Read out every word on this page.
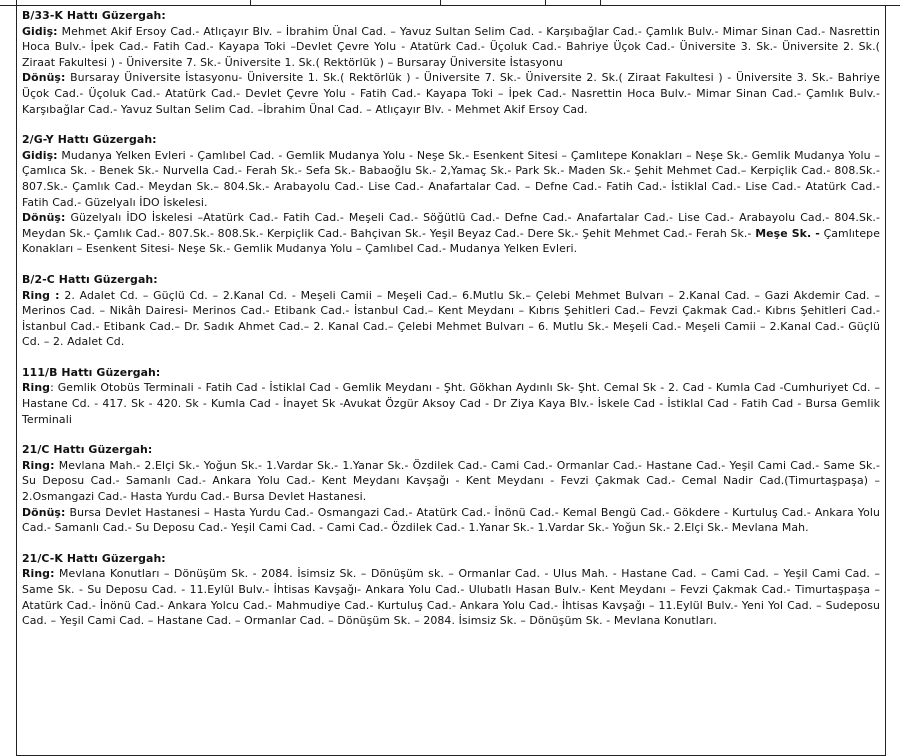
B/33-K Hattı Güzergah:
Gidiş: Mehmet Akif Ersoy Cad.- Atlıçayır Blv. – İbrahim Ünal Cad. – Yavuz Sultan Selim Cad. - Karşıbağlar Cad.- Çamlık Bulv.- Mimar Sinan Cad.- Nasrettin Hoca Bulv.- İpek Cad.- Fatih Cad.- Kayapa Toki –Devlet Çevre Yolu - Atatürk Cad.- Üçoluk Cad.- Bahriye Üçok Cad.- Üniversite 3. Sk.- Üniversite 2. Sk.( Ziraat Fakultesi ) - Üniversite 7. Sk.- Üniversite 1. Sk.( Rektörlük ) – Bursaray Üniversite İstasyonu
Dönüş: Bursaray Üniversite İstasyonu- Üniversite 1. Sk.( Rektörlük ) - Üniversite 7. Sk.- Üniversite 2. Sk.( Ziraat Fakultesi ) - Üniversite 3. Sk.- Bahriye Üçok Cad.- Üçoluk Cad.- Atatürk Cad.- Devlet Çevre Yolu - Fatih Cad.- Kayapa Toki – İpek Cad.- Nasrettin Hoca Bulv.- Mimar Sinan Cad.- Çamlık Bulv.- Karşıbağlar Cad.- Yavuz Sultan Selim Cad. –İbrahim Ünal Cad. – Atlıçayır Blv. - Mehmet Akif Ersoy Cad.
2/G-Y Hattı Güzergah:
Gidiş: Mudanya Yelken Evleri - Çamlıbel Cad. - Gemlik Mudanya Yolu - Neşe Sk.- Esenkent Sitesi – Çamlıtepe Konakları – Neşe Sk.- Gemlik Mudanya Yolu – Çamlıca Sk. - Benek Sk.- Nurvella Cad.- Ferah Sk.- Sefa Sk.- Babaoğlu Sk.- 2,Yamaç Sk.- Park Sk.- Maden Sk.- Şehit Mehmet Cad.– Kerpiçlik Cad.- 808.Sk.- 807.Sk.- Çamlık Cad.- Meydan Sk.– 804.Sk.- Arabayolu Cad.- Lise Cad.- Anafartalar Cad. – Defne Cad.- Fatih Cad.- İstiklal Cad.- Lise Cad.- Atatürk Cad.- Fatih Cad.- Güzelyalı İDO İskelesi.
Dönüş: Güzelyalı İDO İskelesi –Atatürk Cad.- Fatih Cad.- Meşeli Cad.- Söğütlü Cad.- Defne Cad.- Anafartalar Cad.- Lise Cad.- Arabayolu Cad.- 804.Sk.- Meydan Sk.- Çamlık Cad.- 807.Sk.- 808.Sk.- Kerpiçlik Cad.- Bahçivan Sk.- Yeşil Beyaz Cad.- Dere Sk.- Şehit Mehmet Cad.- Ferah Sk.- Meşe Sk. - Çamlıtepe Konakları – Esenkent Sitesi- Neşe Sk.- Gemlik Mudanya Yolu – Çamlıbel Cad.- Mudanya Yelken Evleri.
B/2-C Hattı Güzergah:
Ring : 2. Adalet Cd. – Güçlü Cd. – 2.Kanal Cd. - Meşeli Camii – Meşeli Cad.– 6.Mutlu Sk.– Çelebi Mehmet Bulvarı – 2.Kanal Cad. – Gazi Akdemir Cad. – Merinos Cad. – Nikâh Dairesi- Merinos Cad.- Etibank Cad.- İstanbul Cad.– Kent Meydanı – Kıbrıs Şehitleri Cad.– Fevzi Çakmak Cad.- Kıbrıs Şehitleri Cad.- İstanbul Cad.- Etibank Cad.– Dr. Sadık Ahmet Cad.– 2. Kanal Cad.– Çelebi Mehmet Bulvarı – 6. Mutlu Sk.- Meşeli Cad.- Meşeli Camii – 2.Kanal Cad.- Güçlü Cd. – 2. Adalet Cd.
111/B Hattı Güzergah:
Ring: Gemlik Otobüs Terminali - Fatih Cad - İstiklal Cad - Gemlik Meydanı - Şht. Gökhan Aydınlı Sk- Şht. Cemal Sk - 2. Cad - Kumla Cad -Cumhuriyet Cd. – Hastane Cd. - 417. Sk - 420. Sk - Kumla Cad - İnayet Sk -Avukat Özgür Aksoy Cad - Dr Ziya Kaya Blv.- İskele Cad - İstiklal Cad - Fatih Cad - Bursa Gemlik Terminali
21/C Hattı Güzergah:
Ring: Mevlana Mah.- 2.Elçi Sk.- Yoğun Sk.- 1.Vardar Sk.- 1.Yanar Sk.- Özdilek Cad.- Cami Cad.- Ormanlar Cad.- Hastane Cad.- Yeşil Cami Cad.- Same Sk.- Su Deposu Cad.- Samanlı Cad.- Ankara Yolu Cad.- Kent Meydanı Kavşağı - Kent Meydanı - Fevzi Çakmak Cad.- Cemal Nadir Cad.(Timurtaşpaşa) – 2.Osmangazi Cad.- Hasta Yurdu Cad.- Bursa Devlet Hastanesi.
Dönüş: Bursa Devlet Hastanesi – Hasta Yurdu Cad.- Osmangazi Cad.- Atatürk Cad.- İnönü Cad.- Kemal Bengü Cad.- Gökdere - Kurtuluş Cad.- Ankara Yolu Cad.- Samanlı Cad.- Su Deposu Cad.- Yeşil Cami Cad. - Cami Cad.- Özdilek Cad.- 1.Yanar Sk.- 1.Vardar Sk.- Yoğun Sk.- 2.Elçi Sk.- Mevlana Mah.
21/C-K Hattı Güzergah:
Ring: Mevlana Konutları – Dönüşüm Sk. - 2084. İsimsiz Sk. – Dönüşüm sk. – Ormanlar Cad. - Ulus Mah. - Hastane Cad. – Cami Cad. – Yeşil Cami Cad. – Same Sk. - Su Deposu Cad. - 11.Eylül Bulv.- İhtisas Kavşağı- Ankara Yolu Cad.- Ulubatlı Hasan Bulv.- Kent Meydanı – Fevzi Çakmak Cad.- Timurtaşpaşa – Atatürk Cad.- İnönü Cad.- Ankara Yolcu Cad.- Mahmudiye Cad.- Kurtuluş Cad.- Ankara Yolu Cad.- İhtisas Kavşağı – 11.Eylül Bulv.- Yeni Yol Cad. – Sudeposu Cad. – Yeşil Cami Cad. – Hastane Cad. – Ormanlar Cad. – Dönüşüm Sk. – 2084. İsimsiz Sk. – Dönüşüm Sk. - Mevlana Konutları.
